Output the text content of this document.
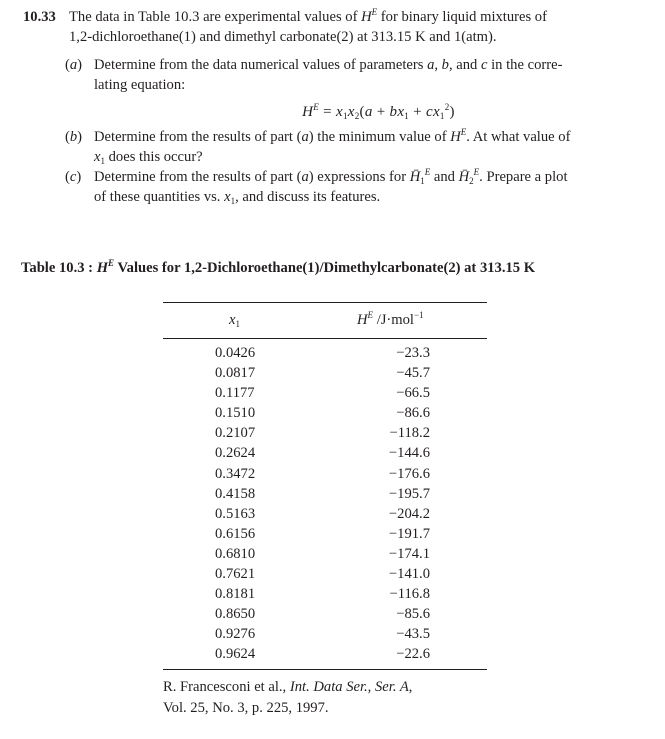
10.33 The data in Table 10.3 are experimental values of $H^E$ for binary liquid mixtures of
1,2-dichloroethane(1) and dimethyl carbonate(2) at 313.15 K and 1(atm).
(a) Determine from the data numerical values of parameters a, b, and c in the corre-
lating equation:
$H^E = x_1x_2(a + bx_1 + cx_1^2)$
(b) Determine from the results of part (a) the minimum value of $H^E$. At what value of
$x_1$ does this occur?
(c) Determine from the results of part (a) expressions for $H̄_1^E$ and $H̄_2^E$. Prepare a plot
of these quantities vs. $x_1$, and discuss its features.
Table 10.3 : $H^E$ Values for 1,2-Dichloroethane(1)/Dimethylcarbonate(2) at 313.15 K
$x_1$	$H^E$ /J·mol$^{-1}$
0.0426	−23.3
0.0817	−45.7
0.1177	−66.5
0.1510	−86.6
0.2107	−118.2
0.2624	−144.6
0.3472	−176.6
0.4158	−195.7
0.5163	−204.2
0.6156	−191.7
0.6810	−174.1
0.7621	−141.0
0.8181	−116.8
0.8650	−85.6
0.9276	−43.5
0.9624	−22.6
R. Francesconi et al., Int. Data Ser., Ser. A,
Vol. 25, No. 3, p. 225, 1997.
